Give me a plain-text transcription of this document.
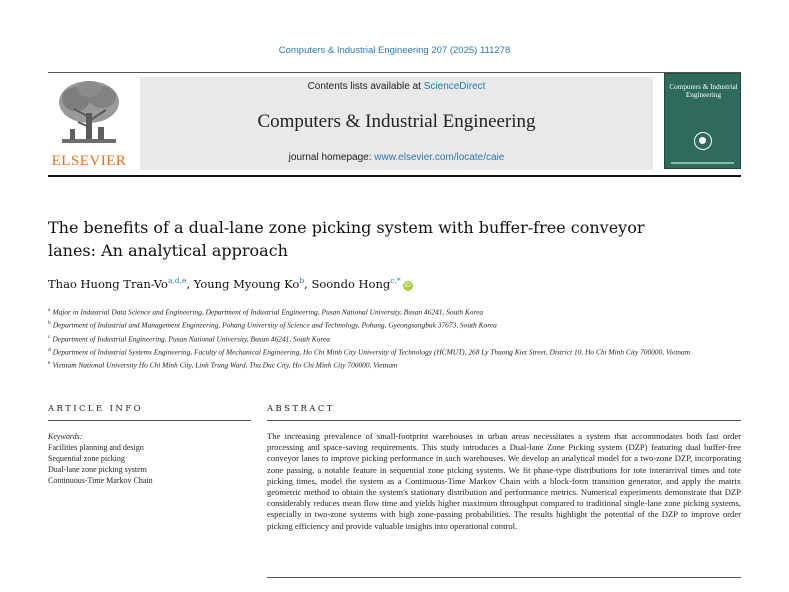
Computers & Industrial Engineering 207 (2025) 111278
ELSEVIER
Contents lists available at ScienceDirect
Computers & Industrial Engineering
journal homepage: www.elsevier.com/locate/caie
Computers & Industrial Engineering
The benefits of a dual-lane zone picking system with buffer-free conveyor lanes: An analytical approach
Thao Huong Tran-Vo$^{a,d,e}$, Young Myoung Ko$^b$, Soondo Hong$^{c,*}$iD

$^a$ Major in Industrial Data Science and Engineering, Department of Industrial Engineering, Pusan National University, Busan 46241, South Korea

$^b$ Department of Industrial and Management Engineering, Pohang University of Science and Technology, Pohang, Gyeongsangbuk 37673, South Korea

$^c$ Department of Industrial Engineering, Pusan National University, Busan 46241, South Korea

$^d$ Department of Industrial Systems Engineering, Faculty of Mechanical Engineering, Ho Chi Minh City University of Technology (HCMUT), 268 Ly Thuong Kiet Street, District 10, Ho Chi Minh City 700000, Vietnam

$^e$ Vietnam National University Ho Chi Minh City, Linh Trung Ward, Thu Duc City, Ho Chi Minh City 700000, Vietnam

ARTICLE INFO	ABSTRACT
Keywords:
Facilities planning and design
Sequential zone picking
Dual-lane zone picking system
Continuous-Time Markov Chain

The increasing prevalence of small-footprint warehouses in urban areas necessitates a system that accommodates both fast order processing and space-saving requirements. This study introduces a Dual-lane Zone Picking system (DZP) featuring dual buffer-free conveyor lanes to improve picking performance in such warehouses. We develop an analytical model for a two-zone DZP, incorporating zone passing, a notable feature in sequential zone picking systems. We fit phase-type distributions for tote interarrival times and tote picking times, model the system as a Continuous-Time Markov Chain with a block-form transition generator, and apply the matrix geometric method to obtain the system's stationary distribution and performance metrics. Numerical experiments demonstrate that DZP considerably reduces mean flow time and yields higher maximum throughput compared to traditional single-lane zone picking systems, especially in two-zone systems with high zone-passing probabilities. The results highlight the potential of the DZP to improve order picking efficiency and provide valuable insights into operational control.
